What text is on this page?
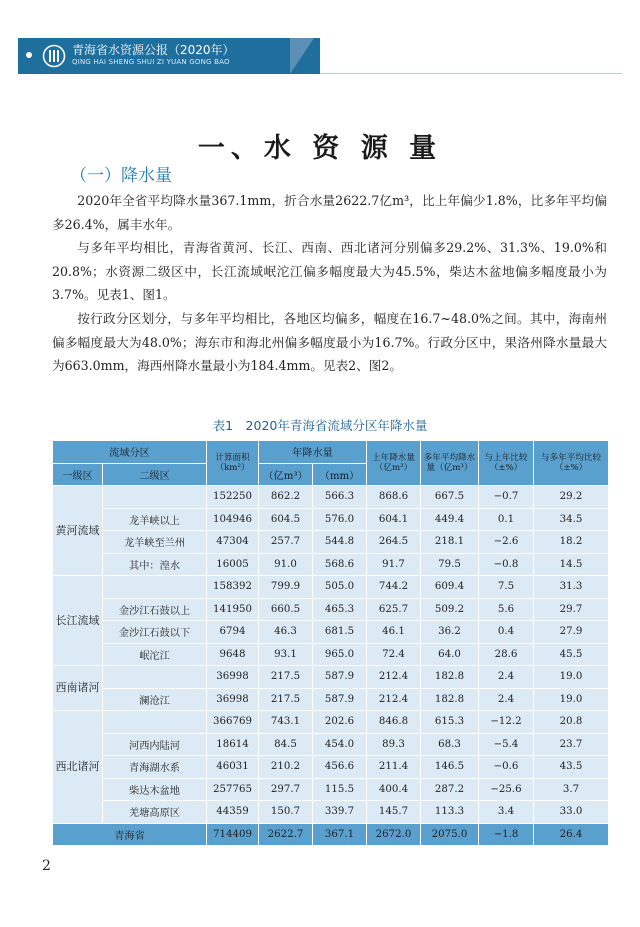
青海省水资源公报（2020年）
QING HAI SHENG SHUI ZI YUAN GONG BAO
一、水 资 源 量
（一）降水量
2020年全省平均降水量367.1mm，折合水量2622.7亿m³，比上年偏少1.8%，比多年平均偏多26.4%，属丰水年。
与多年平均相比，青海省黄河、长江、西南、西北诸河分别偏多29.2%、31.3%、19.0%和20.8%；水资源二级区中，长江流域岷沱江偏多幅度最大为45.5%，柴达木盆地偏多幅度最小为3.7%。见表1、图1。
按行政分区划分，与多年平均相比，各地区均偏多，幅度在16.7~48.0%之间。其中，海南州偏多幅度最大为48.0%；海东市和海北州偏多幅度最小为16.7%。行政分区中，果洛州降水量最大为663.0mm，海西州降水量最小为184.4mm。见表2、图2。
表1　2020年青海省流域分区年降水量
流域分区		计算面积（km²）	年降水量		上年降水量（亿m³）	多年平均降水量（亿m³）	与上年比较（±%）	与多年平均比较（±%）
一级区	二级区		（亿m³）	（mm）				
黄河流域		152250	862.2	566.3	868.6	667.5	−0.7	29.2
	龙羊峡以上	104946	604.5	576.0	604.1	449.4	0.1	34.5
	龙羊峡至兰州	47304	257.7	544.8	264.5	218.1	−2.6	18.2
	其中：湟水	16005	91.0	568.6	91.7	79.5	−0.8	14.5
长江流域		158392	799.9	505.0	744.2	609.4	7.5	31.3
	金沙江石鼓以上	141950	660.5	465.3	625.7	509.2	5.6	29.7
	金沙江石鼓以下	6794	46.3	681.5	46.1	36.2	0.4	27.9
	岷沱江	9648	93.1	965.0	72.4	64.0	28.6	45.5
西南诸河		36998	217.5	587.9	212.4	182.8	2.4	19.0
	澜沧江	36998	217.5	587.9	212.4	182.8	2.4	19.0
西北诸河		366769	743.1	202.6	846.8	615.3	−12.2	20.8
	河西内陆河	18614	84.5	454.0	89.3	68.3	−5.4	23.7
	青海湖水系	46031	210.2	456.6	211.4	146.5	−0.6	43.5
	柴达木盆地	257765	297.7	115.5	400.4	287.2	−25.6	3.7
	羌塘高原区	44359	150.7	339.7	145.7	113.3	3.4	33.0
青海省		714409	2622.7	367.1	2672.0	2075.0	−1.8	26.4
2
